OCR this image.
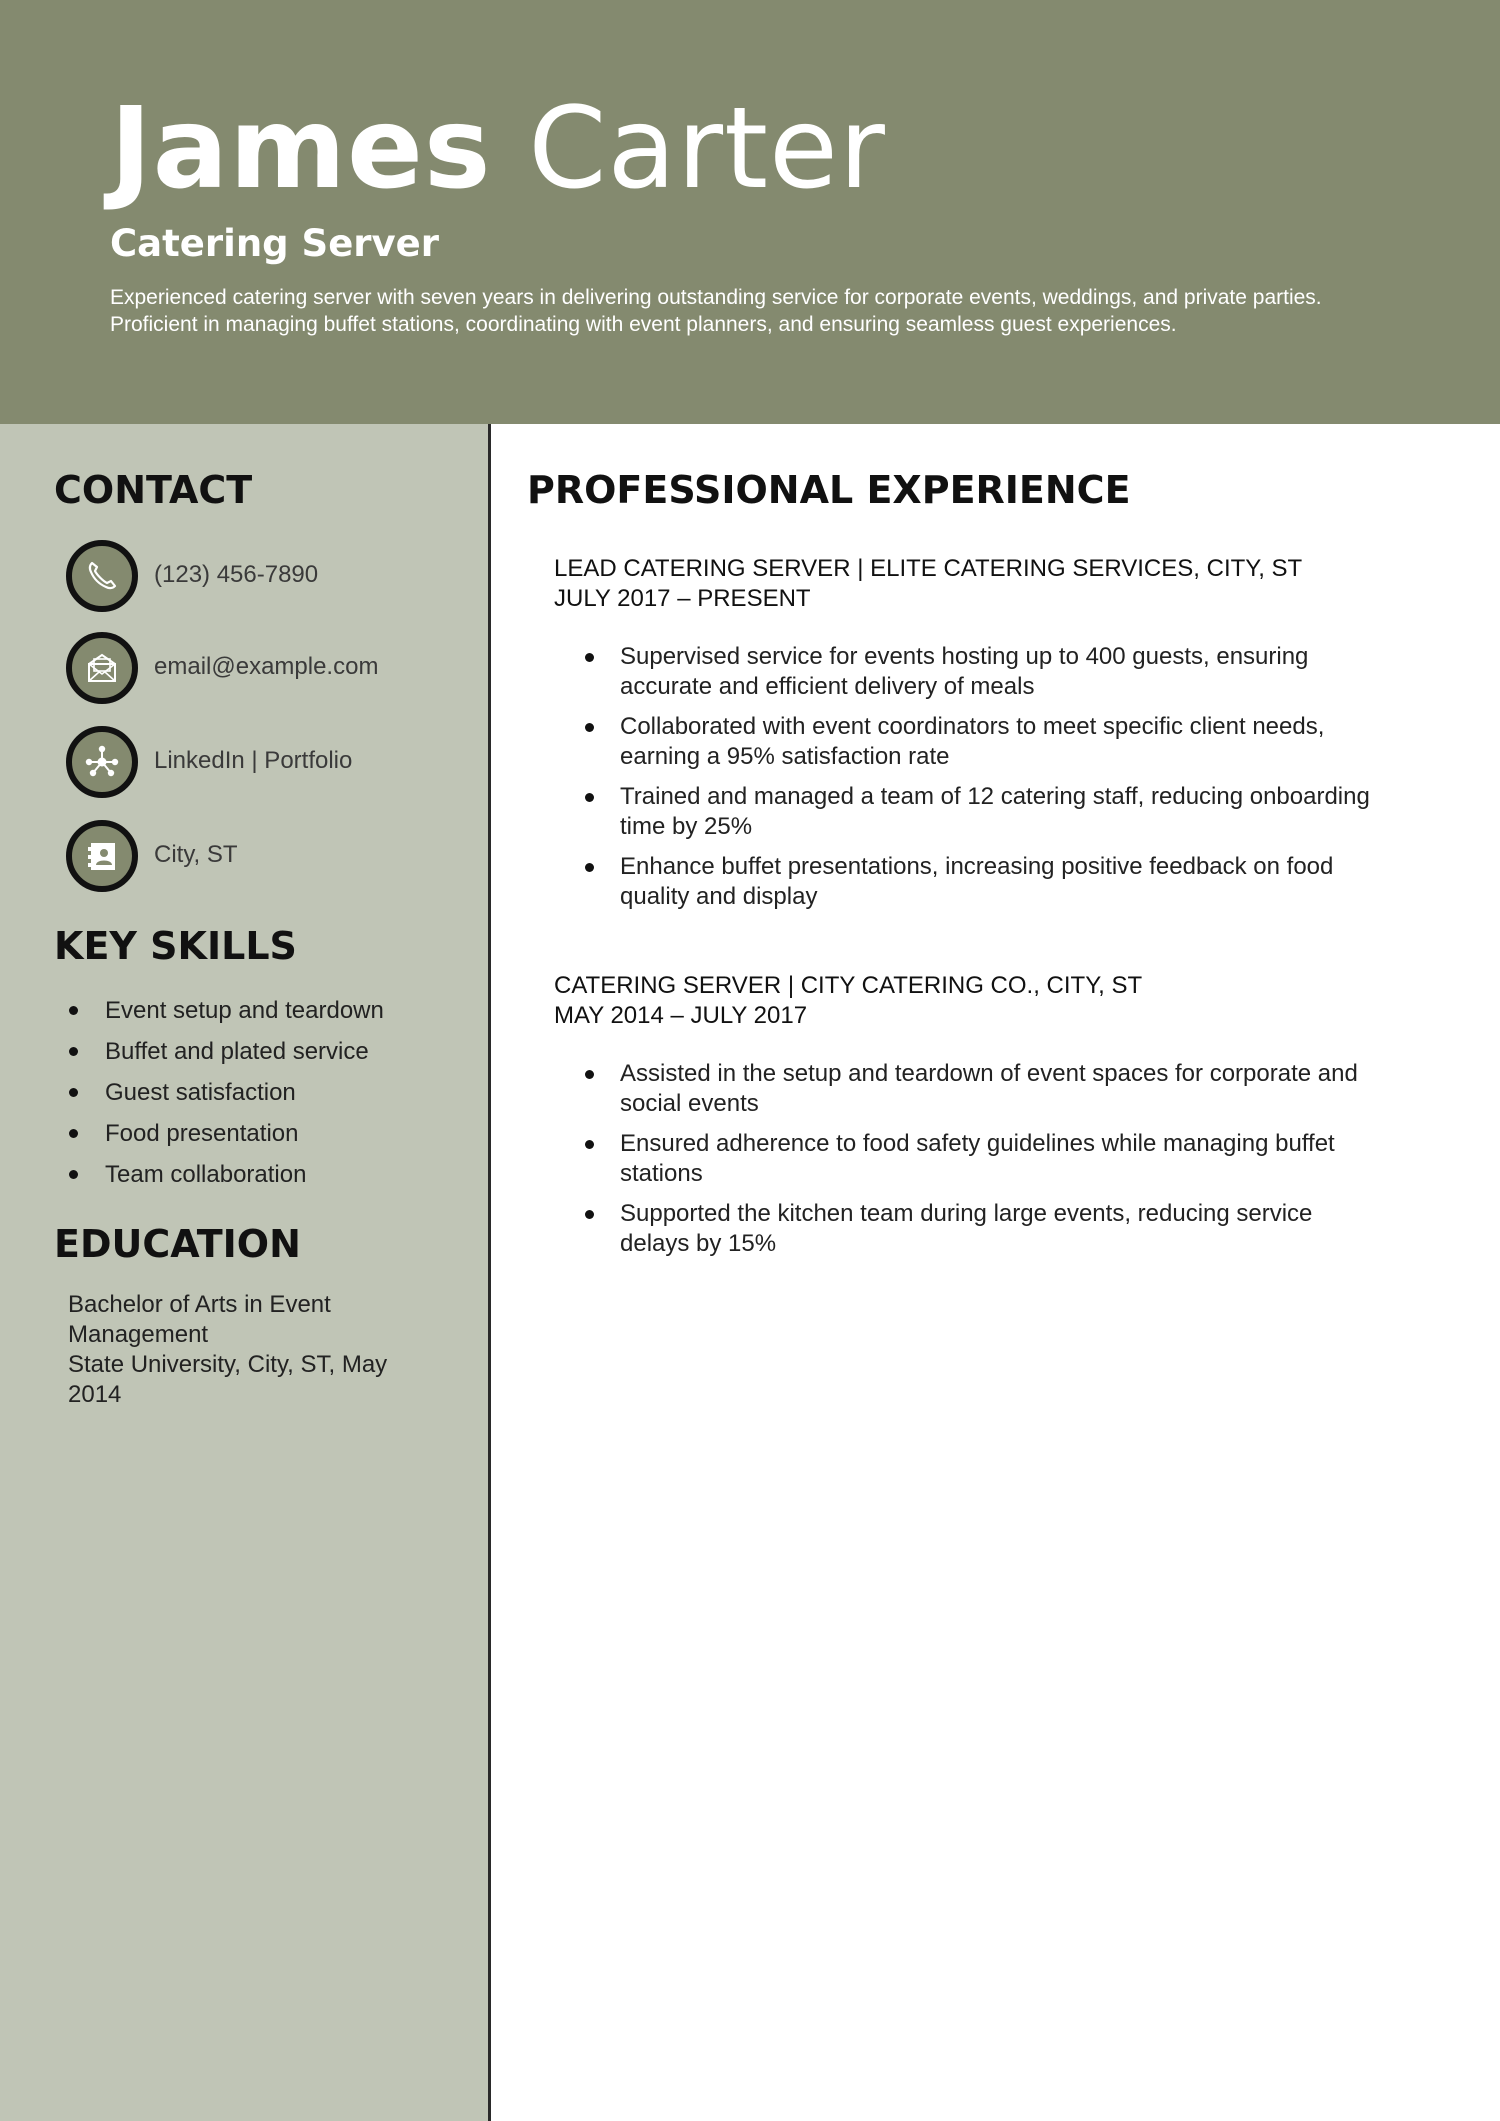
James Carter
Catering Server

Experienced catering server with seven years in delivering outstanding service for corporate events, weddings, and private parties.

Proficient in managing buffet stations, coordinating with event planners, and ensuring seamless guest experiences.

CONTACT
(123) 456-7890
email@example.com
LinkedIn | Portfolio
City, ST
KEY SKILLS
Event setup and teardown
Buffet and plated service
Guest satisfaction
Food presentation
Team collaboration
EDUCATION
Bachelor of Arts in Event Management
State University, City, ST, May 2014
PROFESSIONAL EXPERIENCE
LEAD CATERING SERVER | ELITE CATERING SERVICES, CITY, ST
JULY 2017 – PRESENT
Supervised service for events hosting up to 400 guests, ensuring accurate and efficient delivery of meals
Collaborated with event coordinators to meet specific client needs, earning a 95% satisfaction rate
Trained and managed a team of 12 catering staff, reducing onboarding time by 25%
Enhance buffet presentations, increasing positive feedback on food quality and display
CATERING SERVER | CITY CATERING CO., CITY, ST
MAY 2014 – JULY 2017
Assisted in the setup and teardown of event spaces for corporate and social events
Ensured adherence to food safety guidelines while managing buffet stations
Supported the kitchen team during large events, reducing service delays by 15%
